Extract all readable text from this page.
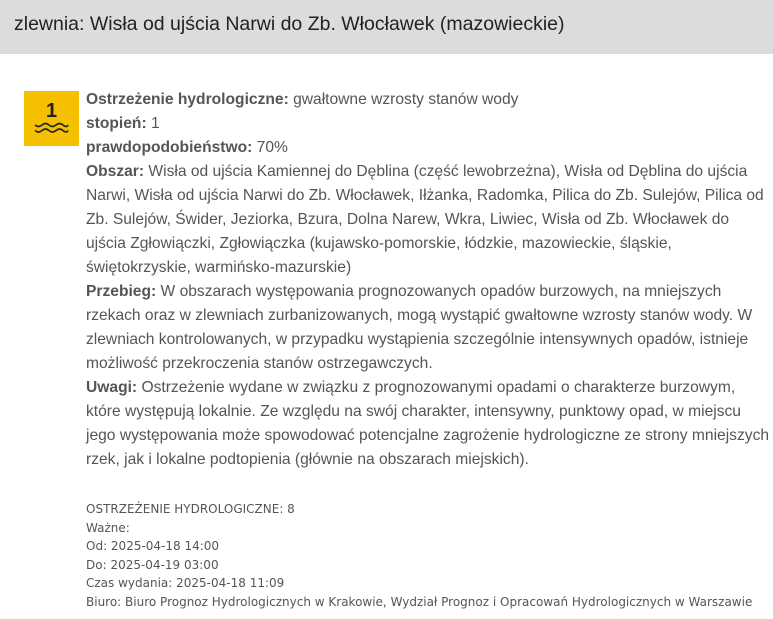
zlewnia: Wisła od ujścia Narwi do Zb. Włocławek (mazowieckie)
1
Ostrzeżenie hydrologiczne: gwałtowne wzrosty stanów wody
stopień: 1
prawdopodobieństwo: 70%
Obszar: Wisła od ujścia Kamiennej do Dęblina (część lewobrzeżna), Wisła od Dęblina do ujścia Narwi, Wisła od ujścia Narwi do Zb. Włocławek, Iłżanka, Radomka, Pilica do Zb. Sulejów, Pilica od Zb. Sulejów, Świder, Jeziorka, Bzura, Dolna Narew, Wkra, Liwiec, Wisła od Zb. Włocławek do ujścia Zgłowiączki, Zgłowiączka (kujawsko-pomorskie, łódzkie, mazowieckie, śląskie, świętokrzyskie, warmińsko-mazurskie)
Przebieg: W obszarach występowania prognozowanych opadów burzowych, na mniejszych rzekach oraz w zlewniach zurbanizowanych, mogą wystąpić gwałtowne wzrosty stanów wody. W zlewniach kontrolowanych, w przypadku wystąpienia szczególnie intensywnych opadów, istnieje możliwość przekroczenia stanów ostrzegawczych.
Uwagi: Ostrzeżenie wydane w związku z prognozowanymi opadami o charakterze burzowym, które występują lokalnie. Ze względu na swój charakter, intensywny, punktowy opad, w miejscu jego występowania może spowodować potencjalne zagrożenie hydrologiczne ze strony mniejszych rzek, jak i lokalne podtopienia (głównie na obszarach miejskich).
OSTRZEŻENIE HYDROLOGICZNE: 8
Ważne:
Od: 2025-04-18 14:00
Do: 2025-04-19 03:00
Czas wydania: 2025-04-18 11:09
Biuro: Biuro Prognoz Hydrologicznych w Krakowie, Wydział Prognoz i Opracowań Hydrologicznych w Warszawie
